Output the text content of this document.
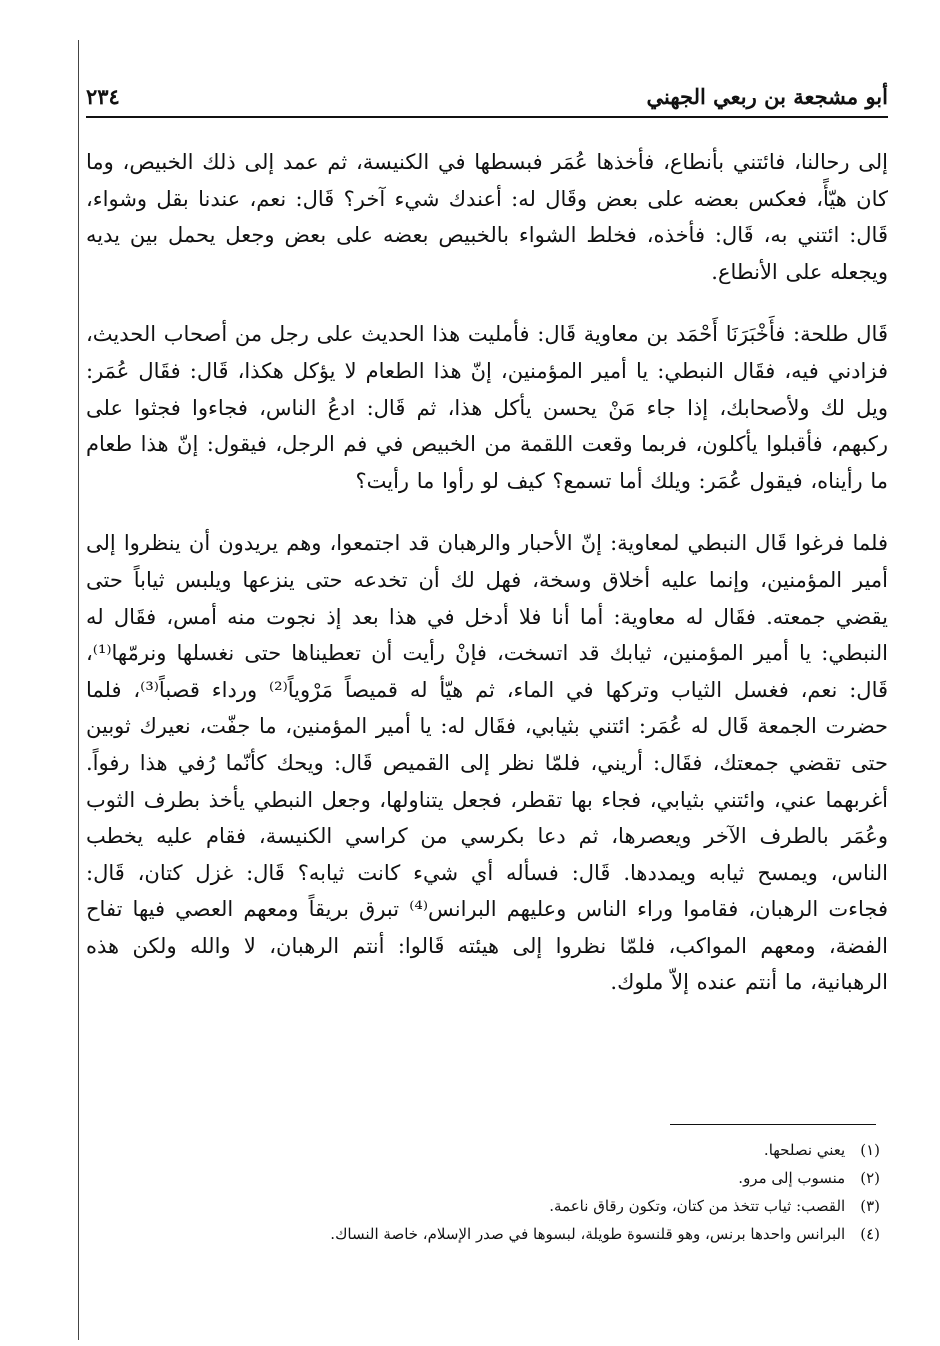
أبو مشجعة بن ربعي الجهني
٢٣٤

إلى رحالنا، فائتني بأنطاع، فأخذها عُمَر فبسطها في الكنيسة، ثم عمد إلى ذلك الخبيص، وما كان هيّأً، فعكس بعضه على بعض وقَال له: أعندك شيء آخر؟ قَال: نعم، عندنا بقل وشواء، قَال: ائتني به، قَال: فأخذه، فخلط الشواء بالخبيص بعضه على بعض وجعل يحمل بين يديه ويجعله على الأنطاع.

قَال طلحة: فأَخْبَرَنَا أَحْمَد بن معاوية قَال: فأمليت هذا الحديث على رجل من أصحاب الحديث، فزادني فيه، فقَال النبطي: يا أمير المؤمنين، إنّ هذا الطعام لا يؤكل هكذا، قَال: فقَال عُمَر: ويل لك ولأصحابك، إذا جاء مَنْ يحسن يأكل هذا، ثم قَال: ادعُ الناس، فجاءوا فجثوا على ركبهم، فأقبلوا يأكلون، فربما وقعت اللقمة من الخبيص في فم الرجل، فيقول: إنّ هذا طعام ما رأيناه، فيقول عُمَر: ويلك أما تسمع؟ كيف لو رأوا ما رأيت؟

فلما فرغوا قَال النبطي لمعاوية: إنّ الأحبار والرهبان قد اجتمعوا، وهم يريدون أن ينظروا إلى أمير المؤمنين، وإنما عليه أخلاق وسخة، فهل لك أن تخدعه حتى ينزعها ويلبس ثياباً حتى يقضي جمعته. فقَال له معاوية: أما أنا فلا أدخل في هذا بعد إذ نجوت منه أمس، فقَال له النبطي: يا أمير المؤمنين، ثيابك قد اتسخت، فإنْ رأيت أن تعطيناها حتى نغسلها ونرمّها⁽¹⁾، قَال: نعم، فغسل الثياب وتركها في الماء، ثم هيّأ له قميصاً مَرْوياً⁽²⁾ ورداء قصباً⁽³⁾، فلما حضرت الجمعة قَال له عُمَر: ائتني بثيابي، فقَال له: يا أمير المؤمنين، ما جفّت، نعيرك ثوبين حتى تقضي جمعتك، فقَال: أريني، فلمّا نظر إلى القميص قَال: ويحك كأنّما رُفي هذا رفواً. أغربهما عني، وائتني بثيابي، فجاء بها تقطر، فجعل يتناولها، وجعل النبطي يأخذ بطرف الثوب وعُمَر بالطرف الآخر ويعصرها، ثم دعا بكرسي من كراسي الكنيسة، فقام عليه يخطب الناس، ويمسح ثيابه ويمددها. قَال: فسأله أي شيء كانت ثيابه؟ قَال: غزل كتان، قَال: فجاءت الرهبان، فقاموا وراء الناس وعليهم البرانس⁽⁴⁾ تبرق بريقاً ومعهم العصي فيها تفاح الفضة، ومعهم المواكب، فلمّا نظروا إلى هيئته قَالوا: أنتم الرهبان، لا والله ولكن هذه الرهبانية، ما أنتم عنده إلاّ ملوك.

(١) يعني نصلحها.

(٢) منسوب إلى مرو.

(٣) القصب: ثياب تتخذ من كتان، وتكون رقاق ناعمة.

(٤) البرانس واحدها برنس، وهو قلنسوة طويلة، لبسوها في صدر الإسلام، خاصة النساك.
